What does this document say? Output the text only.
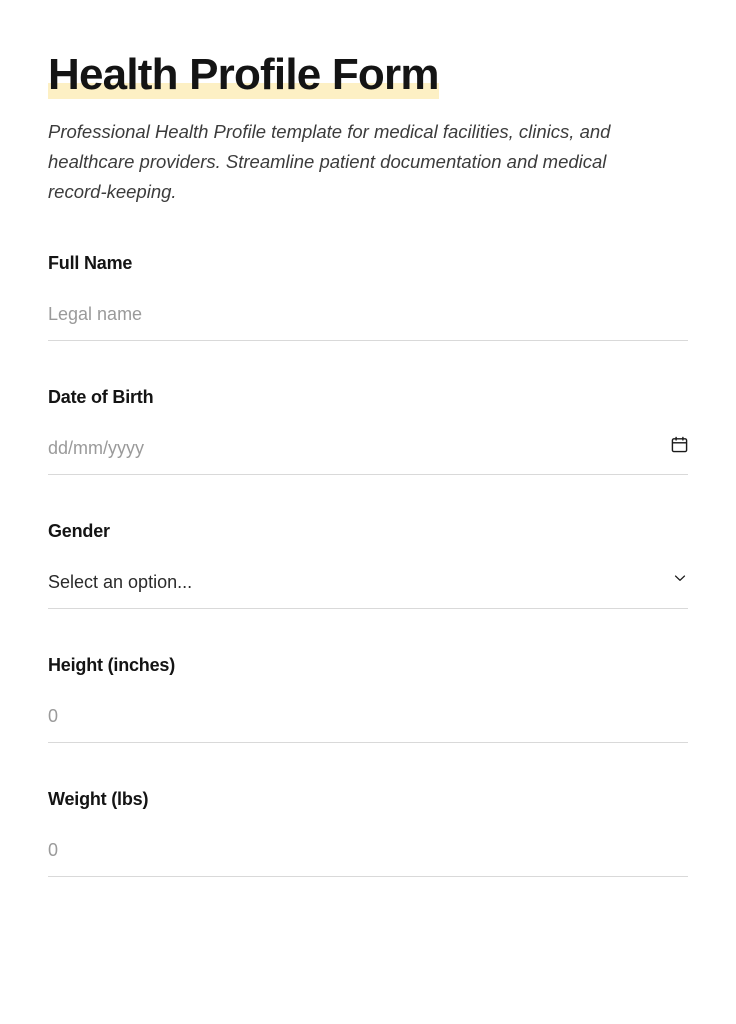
Health Profile Form

Professional Health Profile template for medical facilities, clinics, and healthcare providers. Streamline patient documentation and medical record-keeping.

Full Name
Legal name
Date of Birth
dd/mm/yyyy
Gender
Select an option...
Height (inches)
0
Weight (lbs)
0
